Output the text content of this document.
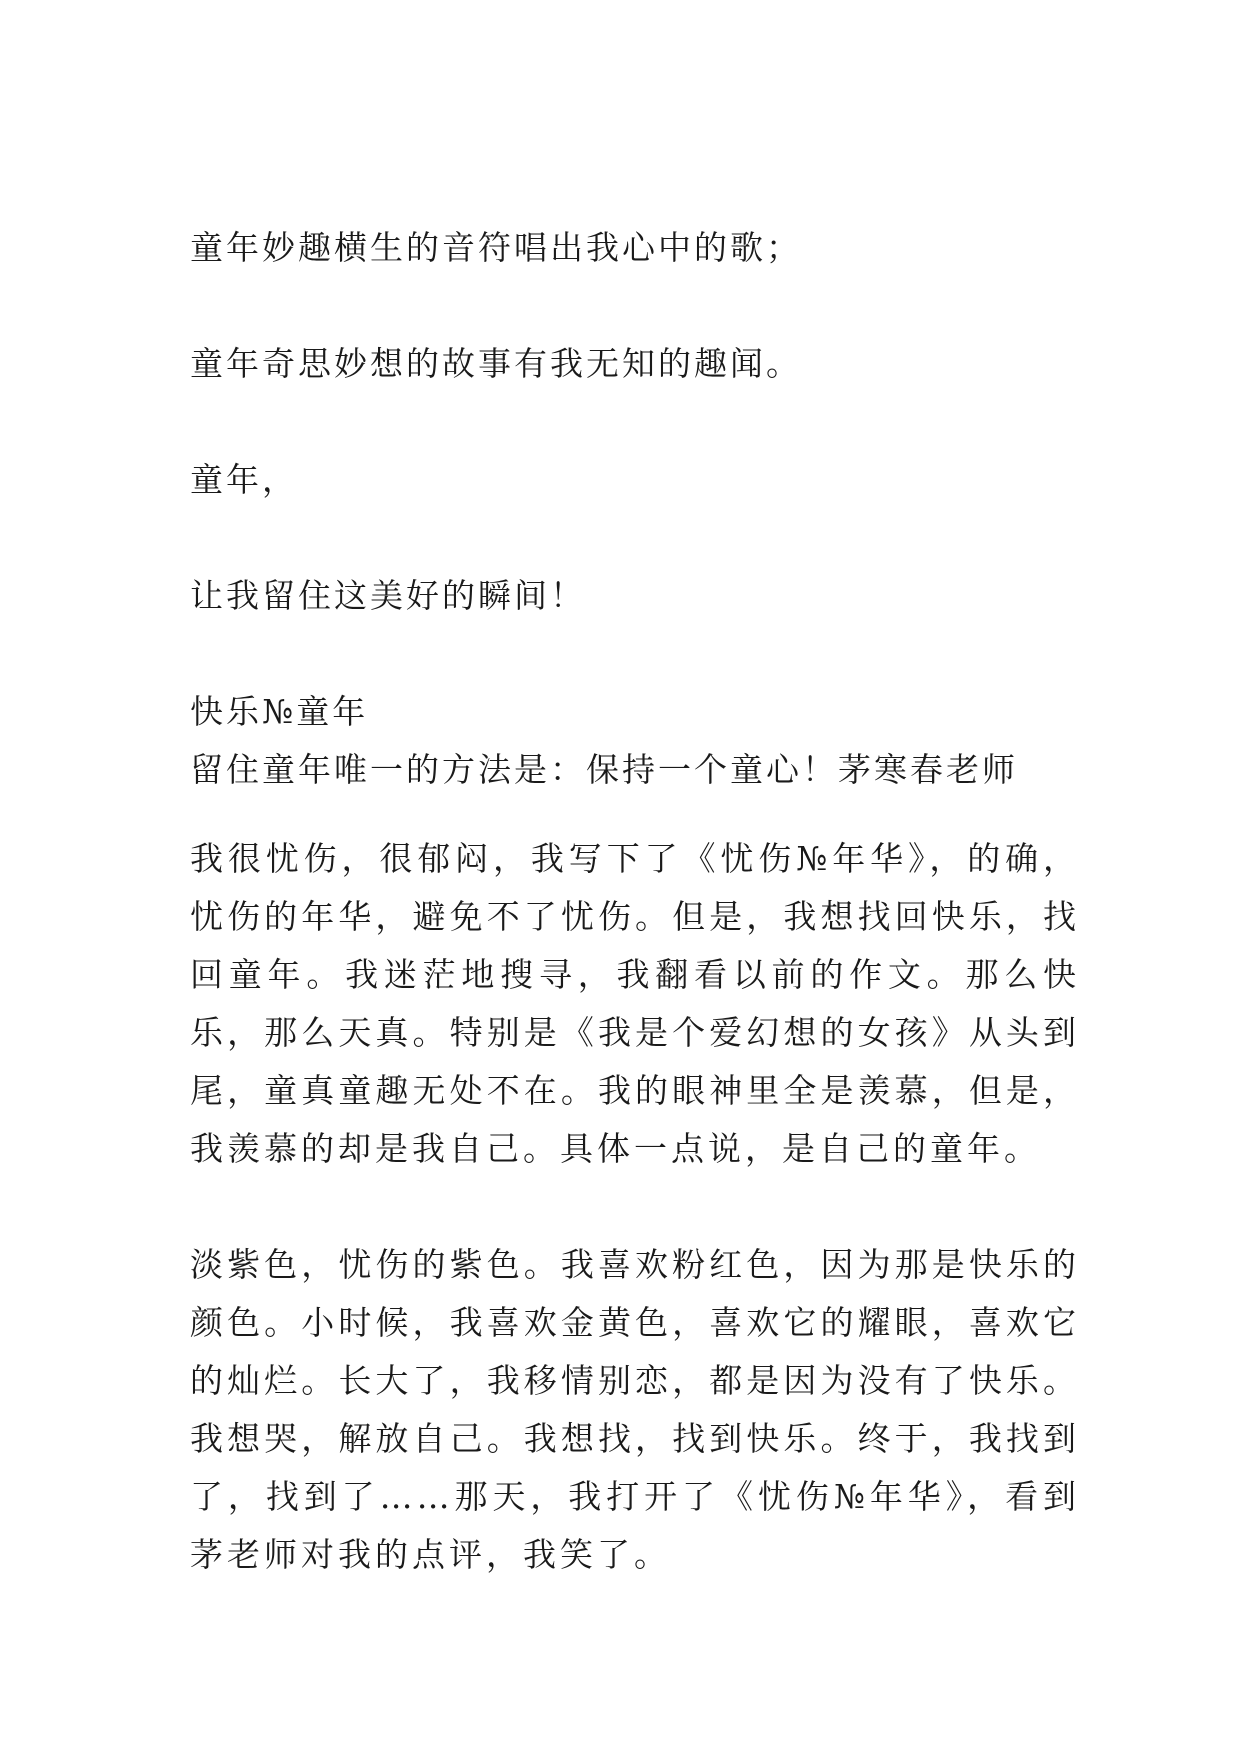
童年妙趣横生的音符唱出我心中的歌；

童年奇思妙想的故事有我无知的趣闻。

童年，

让我留住这美好的瞬间！

快乐№童年

留住童年唯一的方法是：保持一个童心！茅寒春老师

我很忧伤，很郁闷，我写下了《忧伤№年华》，的确，忧伤的年华，避免不了忧伤。但是，我想找回快乐，找回童年。我迷茫地搜寻，我翻看以前的作文。那么快乐，那么天真。特别是《我是个爱幻想的女孩》从头到尾，童真童趣无处不在。我的眼神里全是羡慕，但是，我羡慕的却是我自己。具体一点说，是自己的童年。

淡紫色，忧伤的紫色。我喜欢粉红色，因为那是快乐的颜色。小时候，我喜欢金黄色，喜欢它的耀眼，喜欢它的灿烂。长大了，我移情别恋，都是因为没有了快乐。我想哭，解放自己。我想找，找到快乐。终于，我找到了，找到了……那天，我打开了《忧伤№年华》，看到茅老师对我的点评，我笑了。
